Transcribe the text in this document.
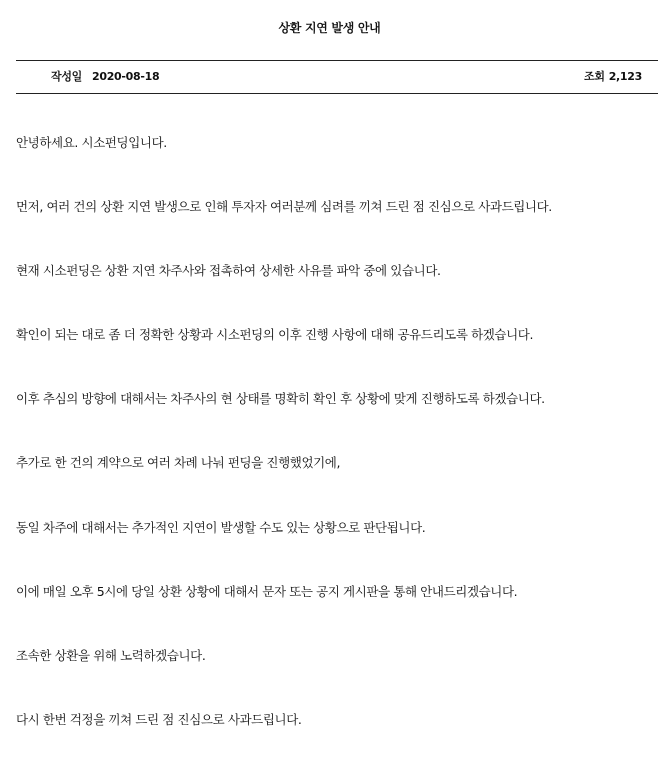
상환 지연 발생 안내
작성일 2020-08-18	조회 2,123
안녕하세요. 시소펀딩입니다.
먼저, 여러 건의 상환 지연 발생으로 인해 투자자 여러분께 심려를 끼쳐 드린 점 진심으로 사과드립니다.
현재 시소펀딩은 상환 지연 차주사와 접촉하여 상세한 사유를 파악 중에 있습니다.
확인이 되는 대로 좀 더 정확한 상황과 시소펀딩의 이후 진행 사항에 대해 공유드리도록 하겠습니다.
이후 추심의 방향에 대해서는 차주사의 현 상태를 명확히 확인 후 상황에 맞게 진행하도록 하겠습니다.
추가로 한 건의 계약으로 여러 차례 나눠 펀딩을 진행했었기에,
동일 차주에 대해서는 추가적인 지연이 발생할 수도 있는 상황으로 판단됩니다.
이에 매일 오후 5시에 당일 상환 상황에 대해서 문자 또는 공지 게시판을 통해 안내드리겠습니다.
조속한 상환을 위해 노력하겠습니다.
다시 한번 걱정을 끼쳐 드린 점 진심으로 사과드립니다.
